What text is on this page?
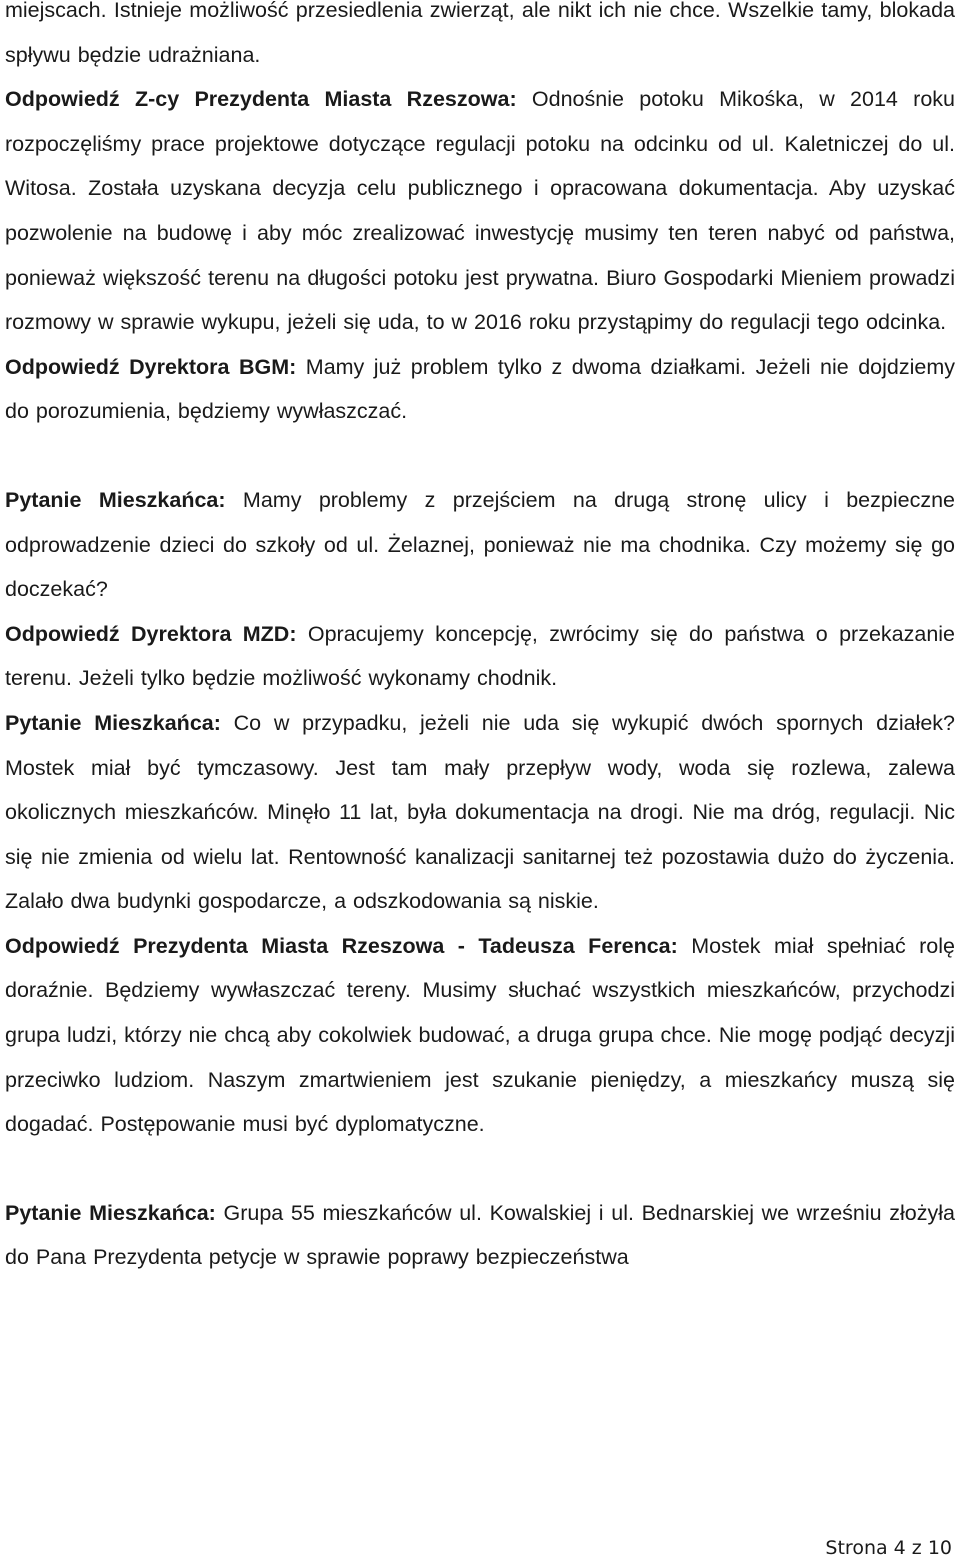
miejscach. Istnieje możliwość przesiedlenia zwierząt, ale nikt ich nie chce. Wszelkie tamy, blokada spływu będzie udrażniana.

Odpowiedź Z-cy Prezydenta Miasta Rzeszowa: Odnośnie potoku Mikośka, w 2014 roku rozpoczęliśmy prace projektowe dotyczące regulacji potoku na odcinku od ul. Kaletniczej do ul. Witosa. Została uzyskana decyzja celu publicznego i opracowana dokumentacja. Aby uzyskać pozwolenie na budowę i aby móc zrealizować inwestycję musimy ten teren nabyć od państwa, ponieważ większość terenu na długości potoku jest prywatna. Biuro Gospodarki Mieniem prowadzi rozmowy w sprawie wykupu, jeżeli się uda, to w 2016 roku przystąpimy do regulacji tego odcinka.

Odpowiedź Dyrektora BGM: Mamy już problem tylko z dwoma działkami. Jeżeli nie dojdziemy do porozumienia, będziemy wywłaszczać.

Pytanie Mieszkańca: Mamy problemy z przejściem na drugą stronę ulicy i bezpieczne odprowadzenie dzieci do szkoły od ul. Żelaznej, ponieważ nie ma chodnika. Czy możemy się go doczekać?

Odpowiedź Dyrektora MZD: Opracujemy koncepcję, zwrócimy się do państwa o przekazanie terenu. Jeżeli tylko będzie możliwość wykonamy chodnik.

Pytanie Mieszkańca: Co w przypadku, jeżeli nie uda się wykupić dwóch spornych działek? Mostek miał być tymczasowy. Jest tam mały przepływ wody, woda się rozlewa, zalewa okolicznych mieszkańców. Minęło 11 lat, była dokumentacja na drogi. Nie ma dróg, regulacji. Nic się nie zmienia od wielu lat. Rentowność kanalizacji sanitarnej też pozostawia dużo do życzenia. Zalało dwa budynki gospodarcze, a odszkodowania są niskie.

Odpowiedź Prezydenta Miasta Rzeszowa - Tadeusza Ferenca: Mostek miał spełniać rolę doraźnie. Będziemy wywłaszczać tereny. Musimy słuchać wszystkich mieszkańców, przychodzi grupa ludzi, którzy nie chcą aby cokolwiek budować, a druga grupa chce. Nie mogę podjąć decyzji przeciwko ludziom. Naszym zmartwieniem jest szukanie pieniędzy, a mieszkańcy muszą się dogadać. Postępowanie musi być dyplomatyczne.

Pytanie Mieszkańca: Grupa 55 mieszkańców ul. Kowalskiej i ul. Bednarskiej we wrześniu złożyła do Pana Prezydenta petycje w sprawie poprawy bezpieczeństwa

Strona 4 z 10
